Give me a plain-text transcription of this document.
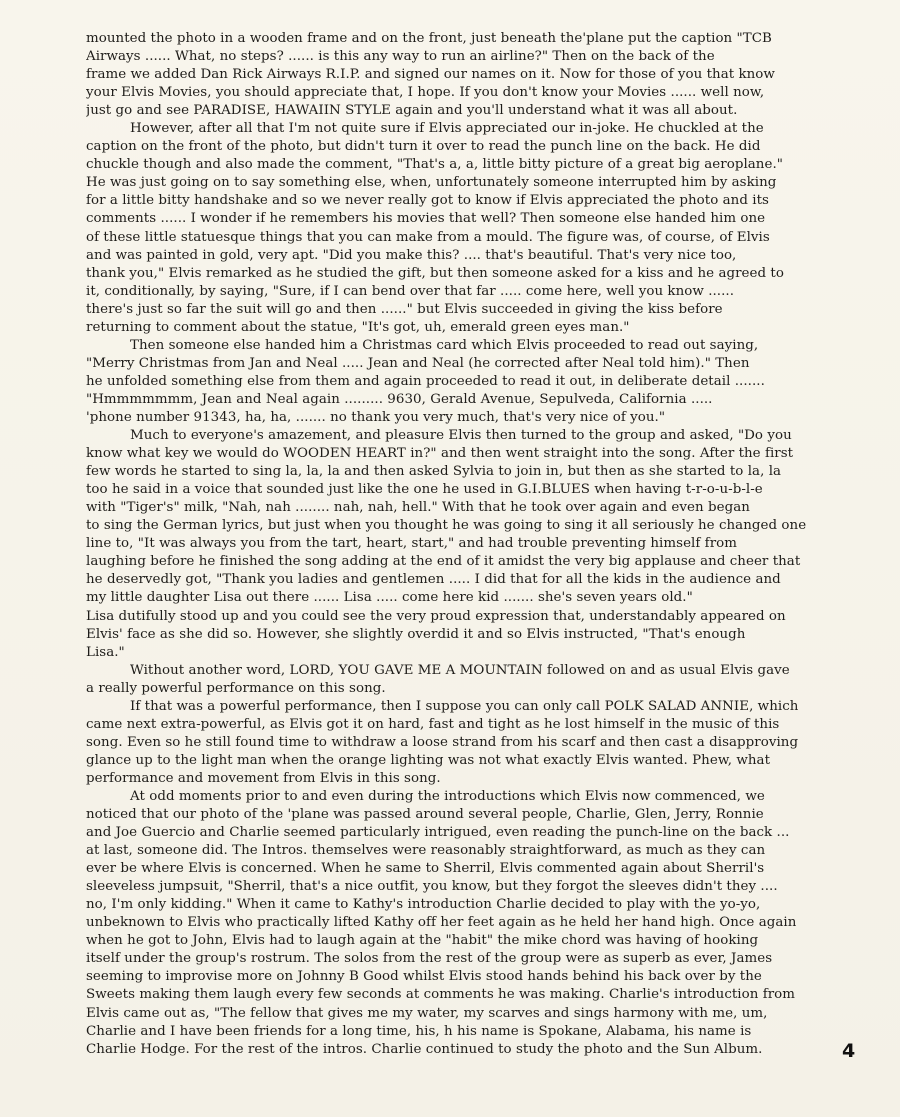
mounted the photo in a wooden frame and on the front, just beneath the'plane put the caption "TCB
Airways ...... What, no steps? ...... is this any way to run an airline?" Then on the back of the
frame we added Dan Rick Airways R.I.P. and signed our names on it. Now for those of you that know
your Elvis Movies, you should appreciate that, I hope. If you don't know your Movies ...... well now,
just go and see PARADISE, HAWAIIN STYLE again and you'll understand what it was all about.
However, after all that I'm not quite sure if Elvis appreciated our in-joke. He chuckled at the
caption on the front of the photo, but didn't turn it over to read the punch line on the back. He did
chuckle though and also made the comment, "That's a, a, little bitty picture of a great big aeroplane."
He was just going on to say something else, when, unfortunately someone interrupted him by asking
for a little bitty handshake and so we never really got to know if Elvis appreciated the photo and its
comments ...... I wonder if he remembers his movies that well? Then someone else handed him one
of these little statuesque things that you can make from a mould. The figure was, of course, of Elvis
and was painted in gold, very apt. "Did you make this? .... that's beautiful. That's very nice too,
thank you," Elvis remarked as he studied the gift, but then someone asked for a kiss and he agreed to
it, conditionally, by saying, "Sure, if I can bend over that far ..... come here, well you know ......
there's just so far the suit will go and then ......" but Elvis succeeded in giving the kiss before
returning to comment about the statue, "It's got, uh, emerald green eyes man."
Then someone else handed him a Christmas card which Elvis proceeded to read out saying,
"Merry Christmas from Jan and Neal ..... Jean and Neal (he corrected after Neal told him)." Then
he unfolded something else from them and again proceeded to read it out, in deliberate detail .......
"Hmmmmmmm, Jean and Neal again ......... 9630, Gerald Avenue, Sepulveda, California .....
'phone number 91343, ha, ha, ....... no thank you very much, that's very nice of you."
Much to everyone's amazement, and pleasure Elvis then turned to the group and asked, "Do you
know what key we would do WOODEN HEART in?" and then went straight into the song. After the first
few words he started to sing la, la, la and then asked Sylvia to join in, but then as she started to la, la
too he said in a voice that sounded just like the one he used in G.I.BLUES when having t-r-o-u-b-l-e
with "Tiger's" milk, "Nah, nah ........ nah, nah, hell." With that he took over again and even began
to sing the German lyrics, but just when you thought he was going to sing it all seriously he changed one
line to, "It was always you from the tart, heart, start," and had trouble preventing himself from
laughing before he finished the song adding at the end of it amidst the very big applause and cheer that
he deservedly got, "Thank you ladies and gentlemen ..... I did that for all the kids in the audience and
my little daughter Lisa out there ...... Lisa ..... come here kid ....... she's seven years old."
Lisa dutifully stood up and you could see the very proud expression that, understandably appeared on
Elvis' face as she did so. However, she slightly overdid it and so Elvis instructed, "That's enough
Lisa."
Without another word, LORD, YOU GAVE ME A MOUNTAIN followed on and as usual Elvis gave
a really powerful performance on this song.
If that was a powerful performance, then I suppose you can only call POLK SALAD ANNIE, which
came next extra-powerful, as Elvis got it on hard, fast and tight as he lost himself in the music of this
song. Even so he still found time to withdraw a loose strand from his scarf and then cast a disapproving
glance up to the light man when the orange lighting was not what exactly Elvis wanted. Phew, what
performance and movement from Elvis in this song.
At odd moments prior to and even during the introductions which Elvis now commenced, we
noticed that our photo of the 'plane was passed around several people, Charlie, Glen, Jerry, Ronnie
and Joe Guercio and Charlie seemed particularly intrigued, even reading the punch-line on the back ...
at last, someone did. The Intros. themselves were reasonably straightforward, as much as they can
ever be where Elvis is concerned. When he same to Sherril, Elvis commented again about Sherril's
sleeveless jumpsuit, "Sherril, that's a nice outfit, you know, but they forgot the sleeves didn't they ....
no, I'm only kidding." When it came to Kathy's introduction Charlie decided to play with the yo-yo,
unbeknown to Elvis who practically lifted Kathy off her feet again as he held her hand high. Once again
when he got to John, Elvis had to laugh again at the "habit" the mike chord was having of hooking
itself under the group's rostrum. The solos from the rest of the group were as superb as ever, James
seeming to improvise more on Johnny B Good whilst Elvis stood hands behind his back over by the
Sweets making them laugh every few seconds at comments he was making. Charlie's introduction from
Elvis came out as, "The fellow that gives me my water, my scarves and sings harmony with me, um,
Charlie and I have been friends for a long time, his, h his name is Spokane, Alabama, his name is
Charlie Hodge. For the rest of the intros. Charlie continued to study the photo and the Sun Album.	4
